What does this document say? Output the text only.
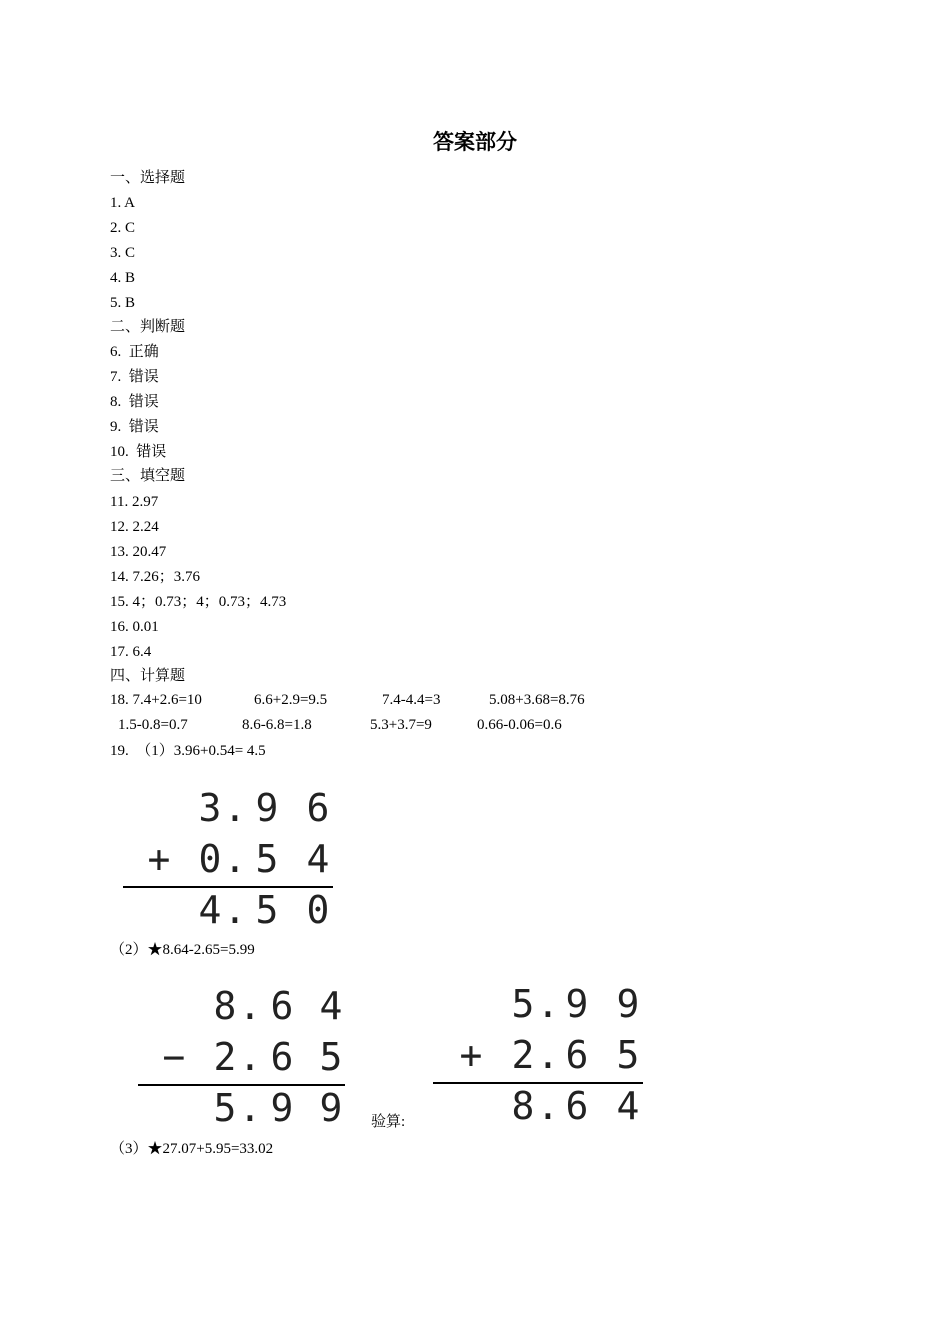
答案部分
一、选择题
1. A
2. C
3. C
4. B
5. B
二、判断题
6.  正确
7.  错误
8.  错误
9.  错误
10.  错误
三、填空题
11. 2.97
12. 2.24
13. 20.47
14. 7.26；3.76
15. 4；0.73；4；0.73；4.73
16. 0.01
17. 6.4
四、计算题
18. 7.4+2.6=10	6.6+2.9=9.5	7.4-4.4=3	5.08+3.68=8.76
1.5-0.8=0.7	8.6-6.8=1.8	5.3+3.7=9	0.66-0.06=0.6
19.  （1）3.96+0.54= 4.5
3 . 9 6
+ 0 . 5 4
4 . 5 0
（2）★8.64-2.65=5.99
8 . 6 4
− 2 . 6 5
5 . 9 9	验算:
5 . 9 9
+ 2 . 6 5
8 . 6 4
（3）★27.07+5.95=33.02
